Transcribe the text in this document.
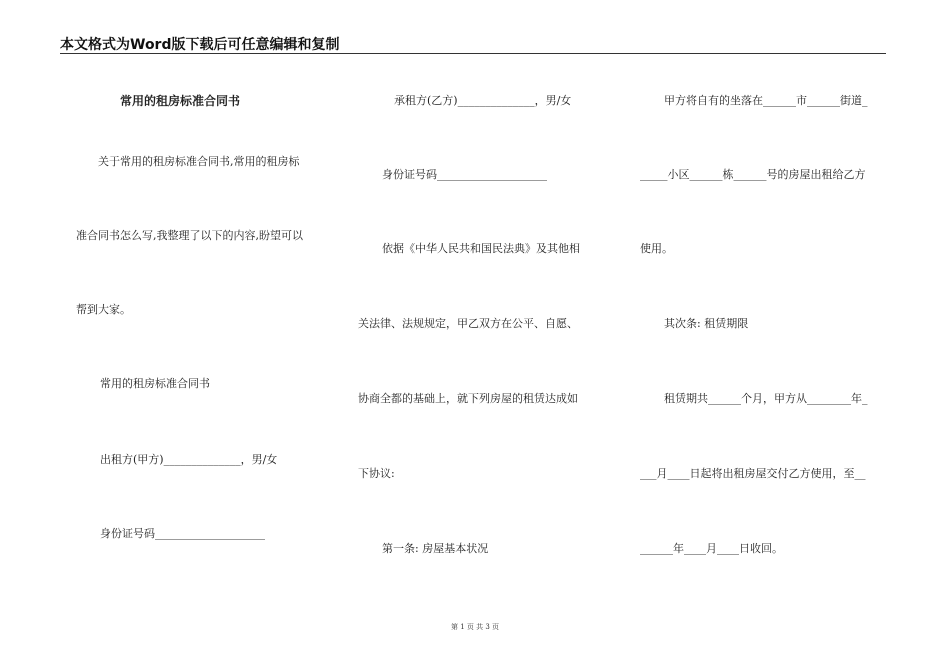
本文格式为Word版下载后可任意编辑和复制
常用的租房标准合同书
关于常用的租房标准合同书,常用的租房标
准合同书怎么写,我整理了以下的内容,盼望可以
帮到大家。
常用的租房标准合同书
出租方(甲方)______________，男/女
身份证号码____________________
承租方(乙方)______________，男/女
身份证号码____________________
依据《中华人民共和国民法典》及其他相
关法律、法规规定，甲乙双方在公平、自愿、
协商全都的基础上，就下列房屋的租赁达成如
下协议:
第一条: 房屋基本状况
甲方将自有的坐落在______市______街道_
_____小区______栋______号的房屋出租给乙方
使用。
其次条: 租赁期限
租赁期共______个月，甲方从________年_
___月____日起将出租房屋交付乙方使用，至__
______年____月____日收回。
第 1 页 共 3 页
